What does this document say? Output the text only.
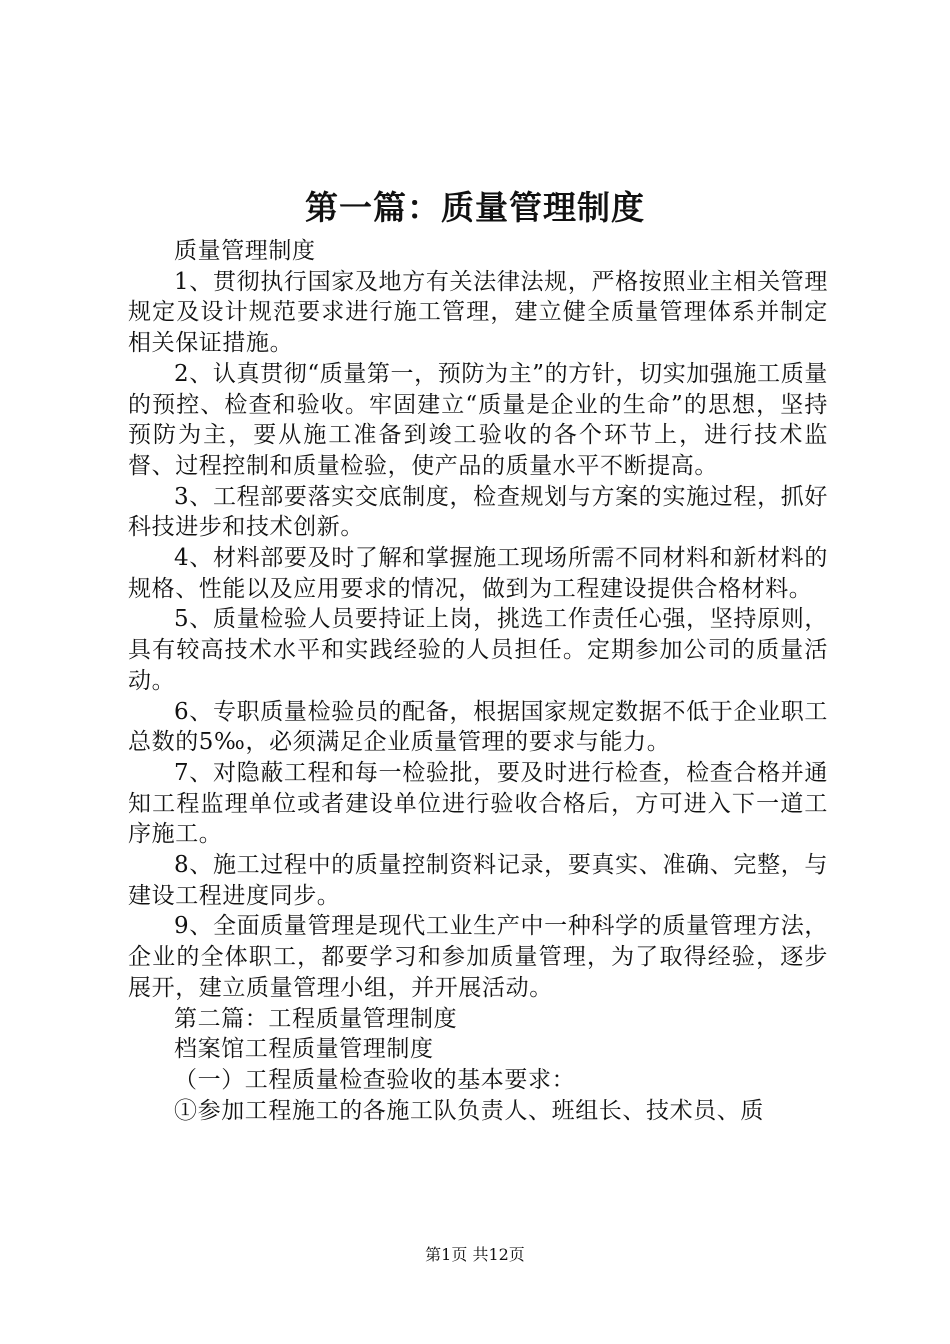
第一篇：质量管理制度

质量管理制度

1、贯彻执行国家及地方有关法律法规，严格按照业主相关管理规定及设计规范要求进行施工管理，建立健全质量管理体系并制定相关保证措施。

2、认真贯彻“质量第一，预防为主”的方针，切实加强施工质量的预控、检查和验收。牢固建立“质量是企业的生命”的思想，坚持预防为主，要从施工准备到竣工验收的各个环节上，进行技术监督、过程控制和质量检验，使产品的质量水平不断提高。

3、工程部要落实交底制度，检查规划与方案的实施过程，抓好科技进步和技术创新。

4、材料部要及时了解和掌握施工现场所需不同材料和新材料的规格、性能以及应用要求的情况，做到为工程建设提供合格材料。

5、质量检验人员要持证上岗，挑选工作责任心强，坚持原则，具有较高技术水平和实践经验的人员担任。定期参加公司的质量活动。

6、专职质量检验员的配备，根据国家规定数据不低于企业职工总数的5‰，必须满足企业质量管理的要求与能力。

7、对隐蔽工程和每一检验批，要及时进行检查，检查合格并通知工程监理单位或者建设单位进行验收合格后，方可进入下一道工序施工。

8、施工过程中的质量控制资料记录，要真实、准确、完整，与建设工程进度同步。

9、全面质量管理是现代工业生产中一种科学的质量管理方法，企业的全体职工，都要学习和参加质量管理，为了取得经验，逐步展开，建立质量管理小组，并开展活动。

第二篇：工程质量管理制度

档案馆工程质量管理制度

（一）工程质量检查验收的基本要求：

①参加工程施工的各施工队负责人、班组长、技术员、质

第1页 共12页
